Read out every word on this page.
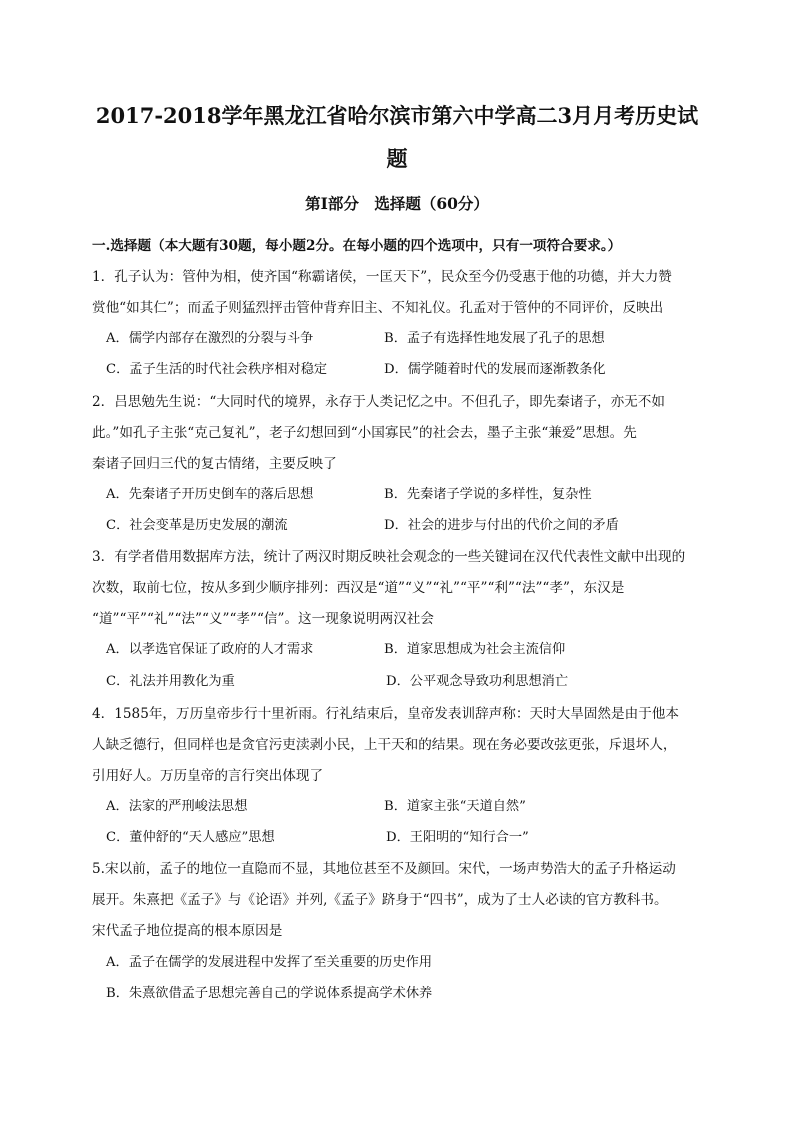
2017-2018学年黑龙江省哈尔滨市第六中学高二3月月考历史试
题
第Ⅰ部分　选择题（60分）
一.选择题（本大题有30题，每小题2分。在每小题的四个选项中，只有一项符合要求。）
1．孔子认为：管仲为相，使齐国“称霸诸侯，一匡天下”，民众至今仍受惠于他的功德，并大力赞
赏他“如其仁”；而孟子则猛烈抨击管仲背弃旧主、不知礼仪。孔孟对于管仲的不同评价，反映出
A．儒学内部存在激烈的分裂与斗争	B．孟子有选择性地发展了孔子的思想
C．孟子生活的时代社会秩序相对稳定	D．儒学随着时代的发展而逐渐教条化
2．吕思勉先生说：“大同时代的境界，永存于人类记忆之中。不但孔子，即先秦诸子，亦无不如
此。”如孔子主张“克己复礼”，老子幻想回到“小国寡民”的社会去，墨子主张“兼爱”思想。先
秦诸子回归三代的复古情绪，主要反映了
A．先秦诸子开历史倒车的落后思想	B．先秦诸子学说的多样性，复杂性
C．社会变革是历史发展的潮流	D．社会的进步与付出的代价之间的矛盾
3．有学者借用数据库方法，统计了两汉时期反映社会观念的一些关键词在汉代代表性文献中出现的
次数，取前七位，按从多到少顺序排列：西汉是“道”“义”“礼”“平”“利”“法”“孝”，东汉是
“道”“平”“礼”“法”“义”“孝”“信”。这一现象说明两汉社会
A．以孝选官保证了政府的人才需求	B．道家思想成为社会主流信仰
C．礼法并用教化为重	D．公平观念导致功利思想消亡
4．1585年，万历皇帝步行十里祈雨。行礼结束后，皇帝发表训辞声称：天时大旱固然是由于他本
人缺乏德行，但同样也是贪官污吏渎剥小民，上干天和的结果。现在务必要改弦更张，斥退坏人，
引用好人。万历皇帝的言行突出体现了
A．法家的严刑峻法思想	B．道家主张“天道自然”
C．董仲舒的“天人感应”思想	D．王阳明的“知行合一”
5.宋以前，孟子的地位一直隐而不显，其地位甚至不及颜回。宋代，一场声势浩大的孟子升格运动
展开。朱熹把《孟子》与《论语》并列,《孟子》跻身于“四书”，成为了士人必读的官方教科书。
宋代孟子地位提高的根本原因是
A．孟子在儒学的发展进程中发挥了至关重要的历史作用
B．朱熹欲借孟子思想完善自己的学说体系提高学术休养
